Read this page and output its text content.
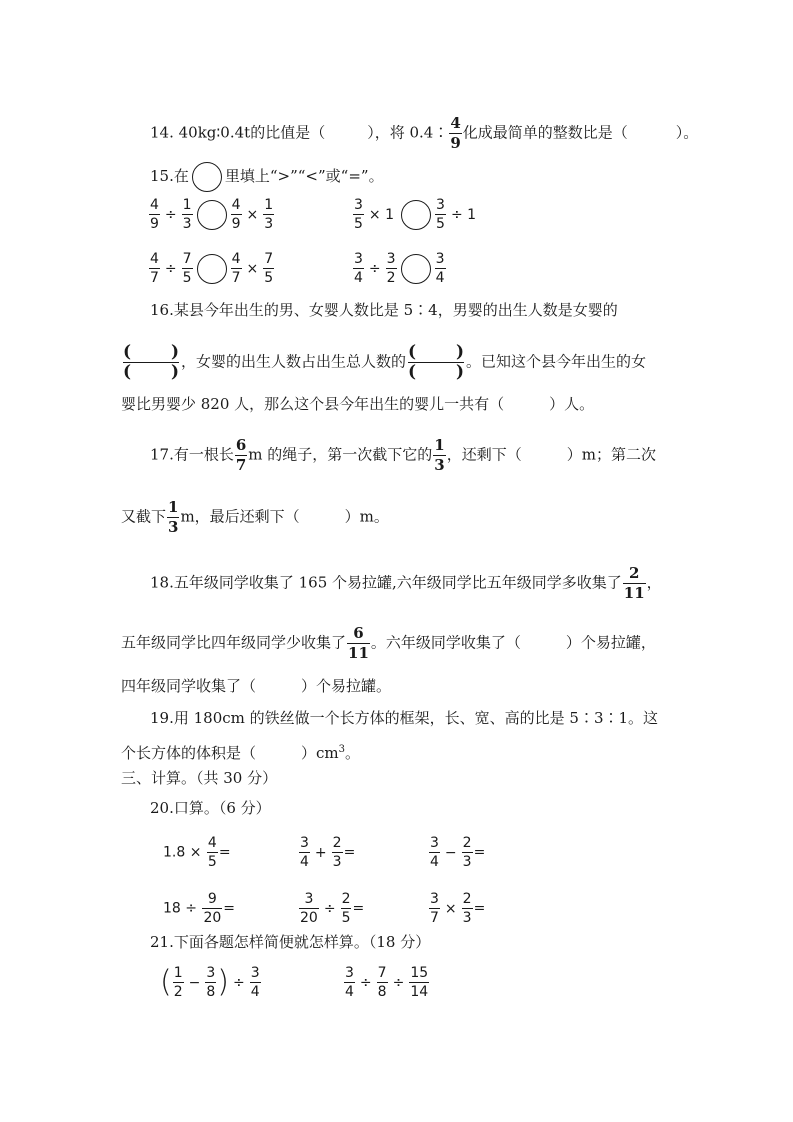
14. 40kg∶0.4t的比值是（	），将 0.4∶ $\frac{4}{9}$ 化成最简单的整数比是（	）。
15.在 里填上“>”“<”或“=”。
$\frac{4}{9} \div \frac{1}{3}$	$\frac{4}{9} \times \frac{1}{3}$	$\frac{3}{5} \times 1$	$\frac{3}{5} \div 1$
$\frac{4}{7} \div \frac{7}{5}$	$\frac{4}{7} \times \frac{7}{5}$	$\frac{3}{4} \div \frac{3}{2}$	$\frac{3}{4}$
16.某县今年出生的男、女婴人数比是 5∶4，男婴的出生人数是女婴的
( )
( )
，女婴的出生人数占出生总人数的 ( )
( )
。已知这个县今年出生的女
婴比男婴少 820 人，那么这个县今年出生的婴儿一共有（　　　）人。
17.有一根长 $\frac{6}{7}$ m 的绳子，第一次截下它的 $\frac{1}{3}$ ，还剩下（　　　）m；第二次
又截下 $\frac{1}{3}$ m，最后还剩下（　　　）m。
18.五年级同学收集了 165 个易拉罐,六年级同学比五年级同学多收集了 $\frac{2}{11}$ ，
五年级同学比四年级同学少收集了 $\frac{6}{11}$ 。六年级同学收集了（　　　）个易拉罐，
四年级同学收集了（　　　）个易拉罐。
19.用 180cm 的铁丝做一个长方体的框架，长、宽、高的比是 5∶3∶1。这
个长方体的体积是（　　　）$cm^3$。
三、计算。（共 30 分）
20.口算。（6 分）
$1.8 \times \frac{4}{5}$ =	$\frac{3}{4} + \frac{2}{3}$ =	$\frac{3}{4} - \frac{2}{3}$ =
$18 \div \frac{9}{20}$ =	$\frac{3}{20} \div \frac{2}{5}$ =	$\frac{3}{7} \times \frac{2}{3}$ =
21.下面各题怎样简便就怎样算。（18 分）
( $\frac{1}{2} - \frac{3}{8}$ ) ÷ $\frac{3}{4}$	$\frac{3}{4} \div \frac{7}{8} \div \frac{15}{14}$
